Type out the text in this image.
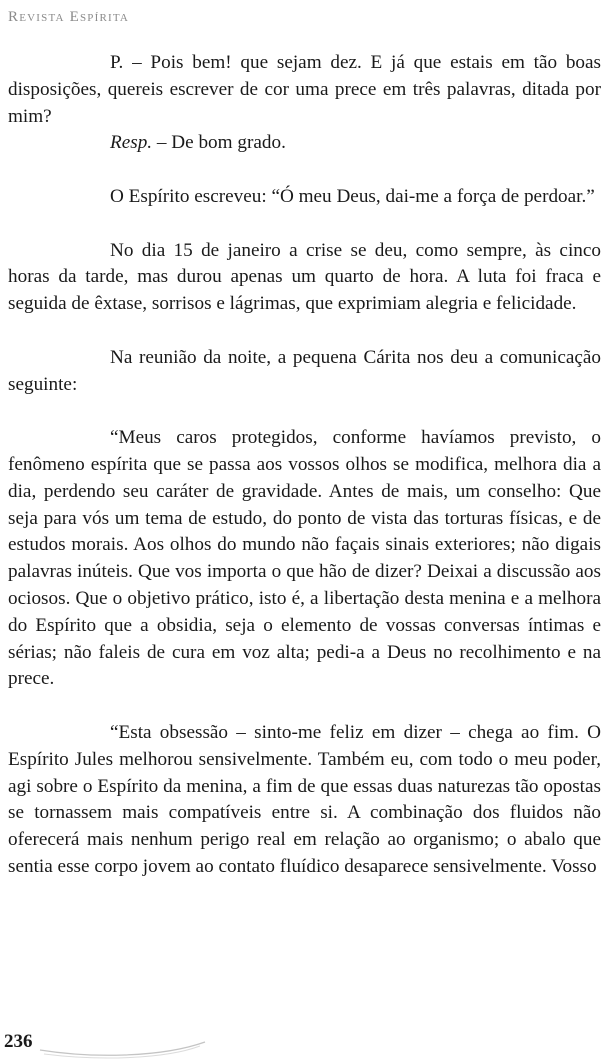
Revista Espírita

P. – Pois bem! que sejam dez. E já que estais em tão boas disposições, quereis escrever de cor uma prece em três palavras, ditada por mim?

Resp. – De bom grado.

O Espírito escreveu: “Ó meu Deus, dai-me a força de perdoar.”

No dia 15 de janeiro a crise se deu, como sempre, às cinco horas da tarde, mas durou apenas um quarto de hora. A luta foi fraca e seguida de êxtase, sorrisos e lágrimas, que exprimiam alegria e felicidade.

Na reunião da noite, a pequena Cárita nos deu a comunicação seguinte:

“Meus caros protegidos, conforme havíamos previsto, o fenômeno espírita que se passa aos vossos olhos se modifica, melhora dia a dia, perdendo seu caráter de gravidade. Antes de mais, um conselho: Que seja para vós um tema de estudo, do ponto de vista das torturas físicas, e de estudos morais. Aos olhos do mundo não façais sinais exteriores; não digais palavras inúteis. Que vos importa o que hão de dizer? Deixai a discussão aos ociosos. Que o objetivo prático, isto é, a libertação desta menina e a melhora do Espírito que a obsidia, seja o elemento de vossas conversas íntimas e sérias; não faleis de cura em voz alta; pedi-a a Deus no recolhimento e na prece.

“Esta obsessão – sinto-me feliz em dizer – chega ao fim. O Espírito Jules melhorou sensivelmente. Também eu, com todo o meu poder, agi sobre o Espírito da menina, a fim de que essas duas naturezas tão opostas se tornassem mais compatíveis entre si. A combinação dos fluidos não oferecerá mais nenhum perigo real em relação ao organismo; o abalo que sentia esse corpo jovem ao contato fluídico desaparece sensivelmente. Vosso

236
